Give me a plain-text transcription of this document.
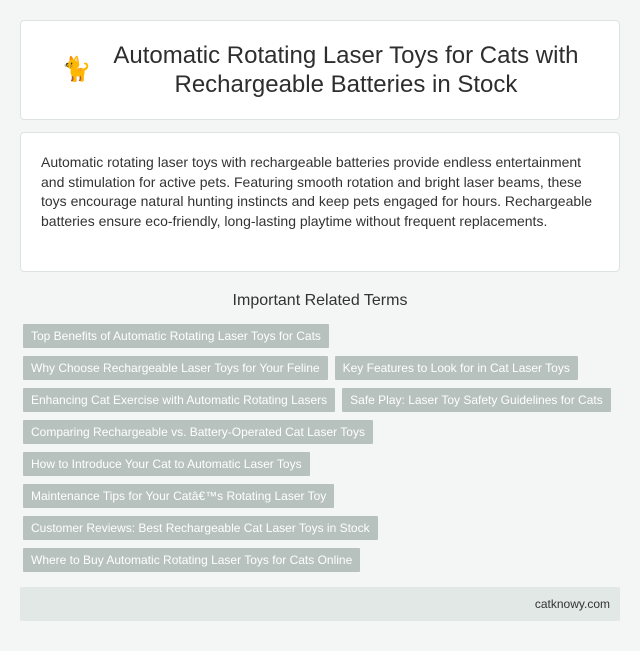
🐈
Automatic Rotating Laser Toys for Cats with
Rechargeable Batteries in Stock

Automatic rotating laser toys with rechargeable batteries provide endless entertainment and stimulation for active pets. Featuring smooth rotation and bright laser beams, these toys encourage natural hunting instincts and keep pets engaged for hours. Rechargeable batteries ensure eco-friendly, long-lasting playtime without frequent replacements.

Important Related Terms
Top Benefits of Automatic Rotating Laser Toys for Cats
Why Choose Rechargeable Laser Toys for Your Feline	Key Features to Look for in Cat Laser Toys
Enhancing Cat Exercise with Automatic Rotating Lasers	Safe Play: Laser Toy Safety Guidelines for Cats
Comparing Rechargeable vs. Battery-Operated Cat Laser Toys
How to Introduce Your Cat to Automatic Laser Toys
Maintenance Tips for Your Catâ€™s Rotating Laser Toy
Customer Reviews: Best Rechargeable Cat Laser Toys in Stock
Where to Buy Automatic Rotating Laser Toys for Cats Online
catknowy.com
